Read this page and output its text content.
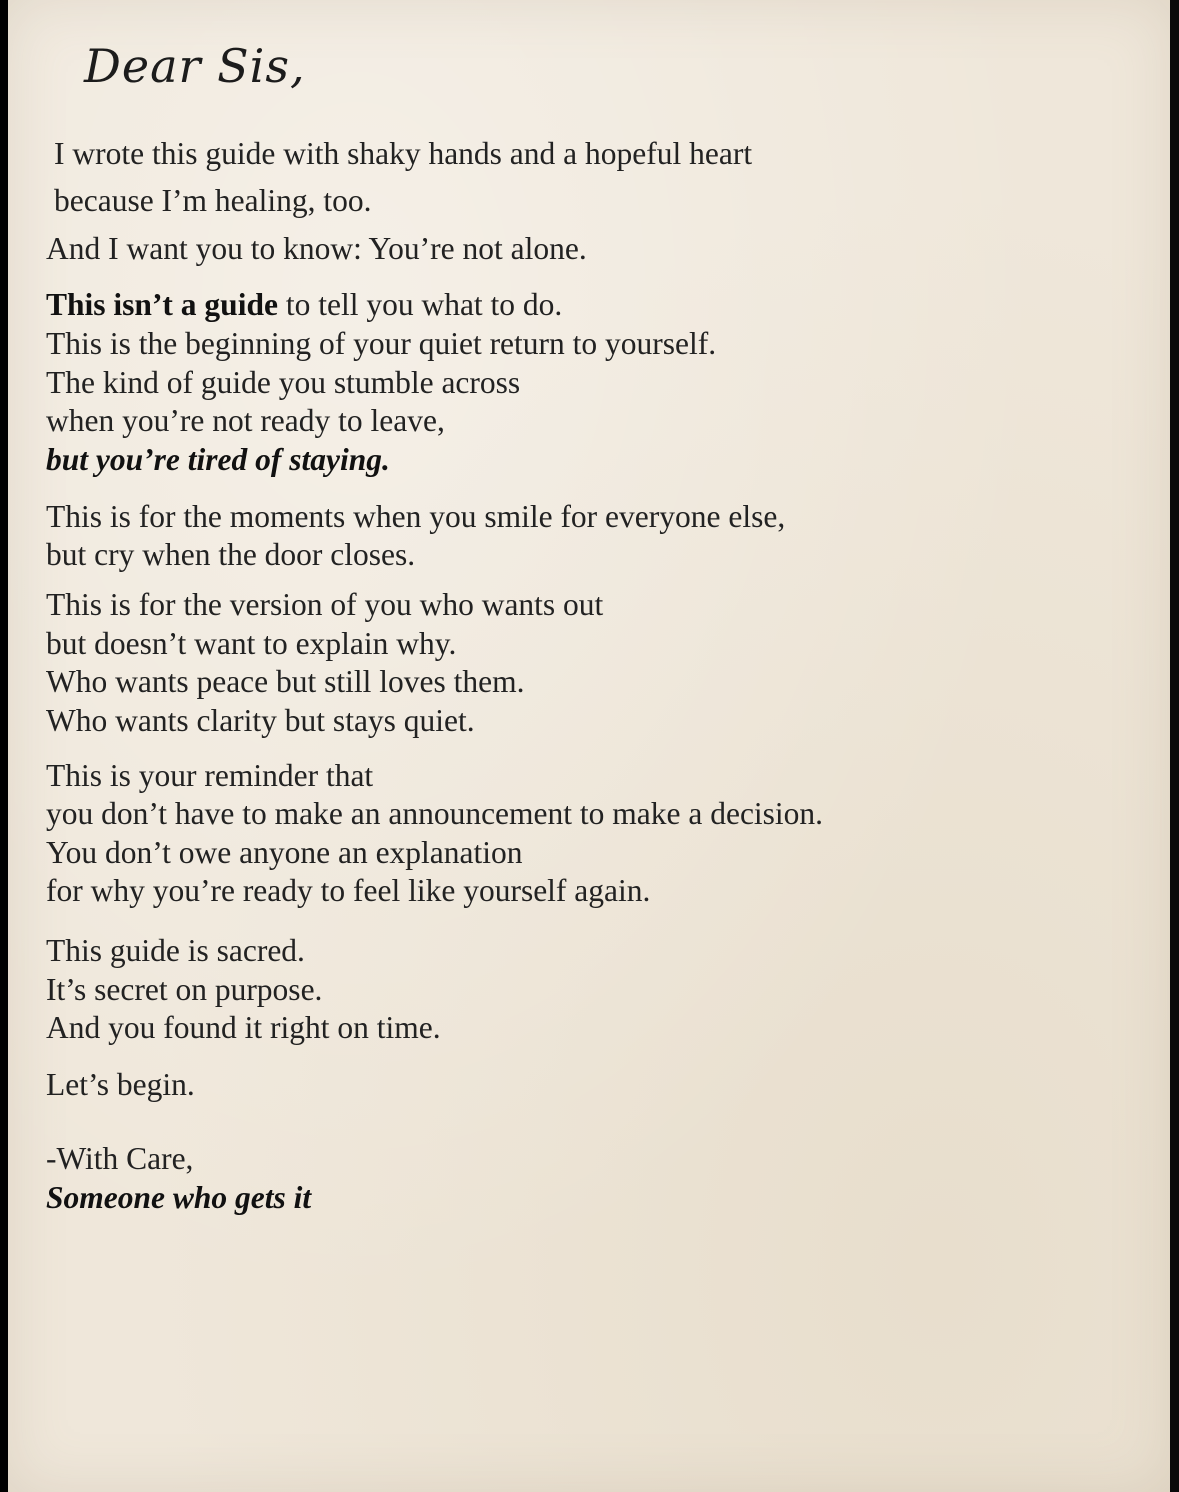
Dear Sis,

I wrote this guide with shaky hands and a hopeful heart

because I’m healing, too.

And I want you to know: You’re not alone.

This isn’t a guide to tell you what to do.

This is the beginning of your quiet return to yourself.

The kind of guide you stumble across

when you’re not ready to leave,

but you’re tired of staying.

This is for the moments when you smile for everyone else,

but cry when the door closes.

This is for the version of you who wants out

but doesn’t want to explain why.

Who wants peace but still loves them.

Who wants clarity but stays quiet.

This is your reminder that

you don’t have to make an announcement to make a decision.

You don’t owe anyone an explanation

for why you’re ready to feel like yourself again.

This guide is sacred.

It’s secret on purpose.

And you found it right on time.

Let’s begin.

-With Care,

Someone who gets it
